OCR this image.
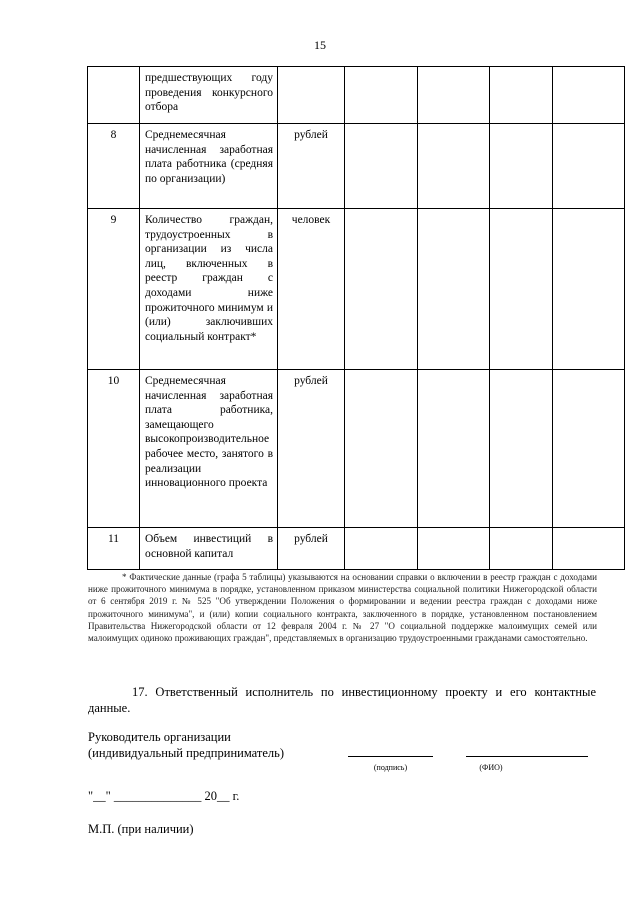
15
	предшествующих году проведения конкурсного отбора					
8	Среднемесячная начисленная заработная плата работника (средняя по организации)	рублей				
9	Количество граждан, трудоустроенных в организации из числа лиц, включенных в реестр граждан с доходами ниже прожиточного минимум и (или) заключивших социальный контракт*	человек				
10	Среднемесячная начисленная заработная плата работника, замещающего высокопроизводительное рабочее место, занятого в реализации инновационного проекта	рублей				
11	Объем инвестиций в основной капитал	рублей				
* Фактические данные (графа 5 таблицы) указываются на основании справки о включении в реестр граждан с доходами ниже прожиточного минимума в порядке, установленном приказом министерства социальной политики Нижегородской области от 6 сентября 2019 г. № 525 "Об утверждении Положения о формировании и ведении реестра граждан с доходами ниже прожиточного минимума", и (или) копии социального контракта, заключенного в порядке, установленном постановлением Правительства Нижегородской области от 12 февраля 2004 г. № 27 "О социальной поддержке малоимущих семей или малоимущих одиноко проживающих граждан", представляемых в организацию трудоустроенными гражданами самостоятельно.
17. Ответственный исполнитель по инвестиционному проекту и его контактные данные.
Руководитель организации
(индивидуальный предприниматель)
(подпись)	(ФИО)
"__" ______________ 20__ г.
М.П. (при наличии)
